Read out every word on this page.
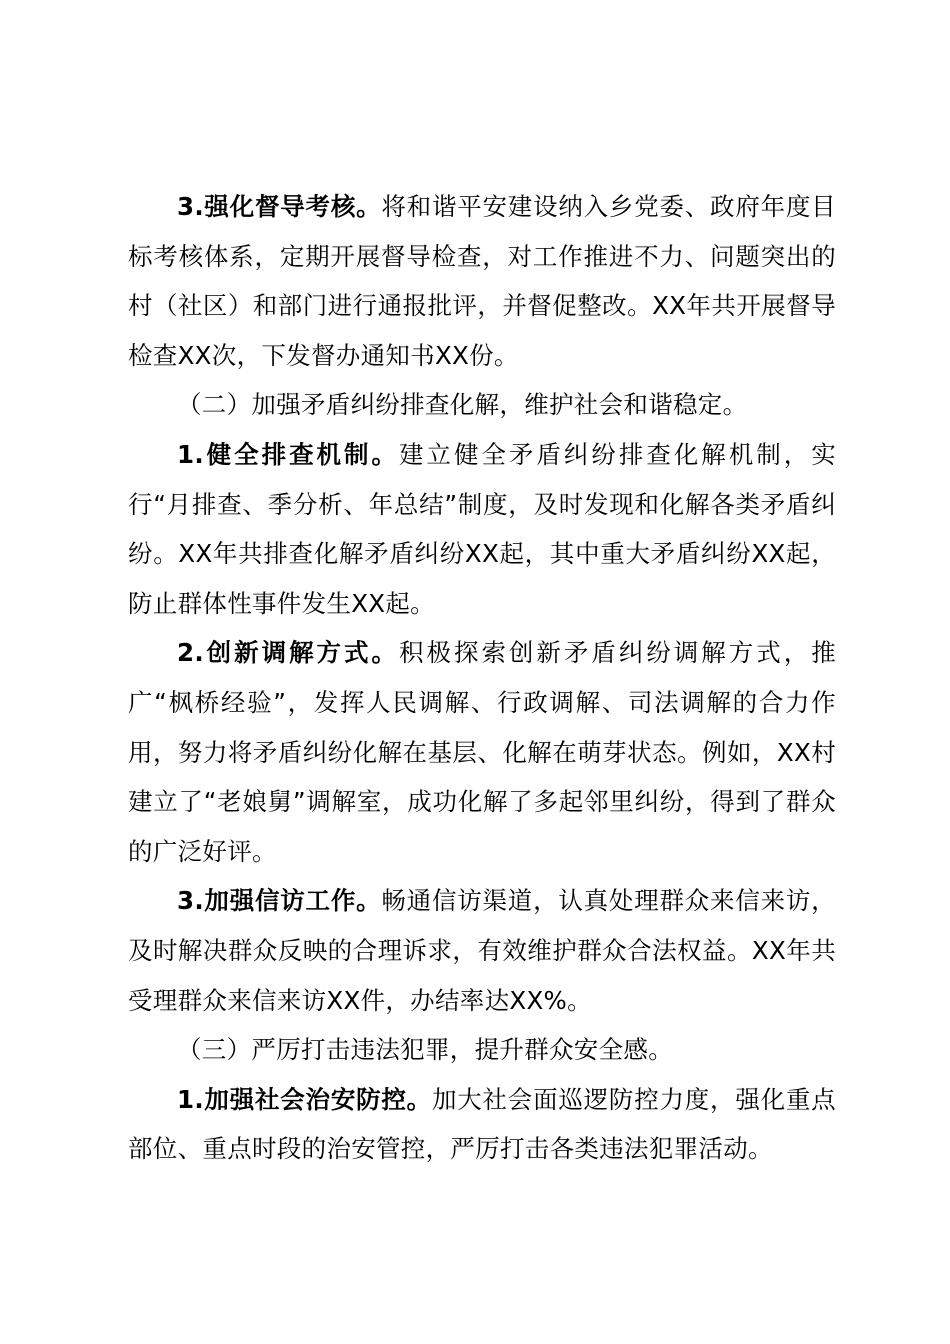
3.强化督导考核。将和谐平安建设纳入乡党委、政府年度目标考核体系，定期开展督导检查，对工作推进不力、问题突出的村（社区）和部门进行通报批评，并督促整改。XX年共开展督导检查XX次，下发督办通知书XX份。

（二）加强矛盾纠纷排查化解，维护社会和谐稳定。

1.健全排查机制。建立健全矛盾纠纷排查化解机制，实行“月排查、季分析、年总结”制度，及时发现和化解各类矛盾纠纷。XX年共排查化解矛盾纠纷XX起，其中重大矛盾纠纷XX起，防止群体性事件发生XX起。

2.创新调解方式。积极探索创新矛盾纠纷调解方式，推广“枫桥经验”，发挥人民调解、行政调解、司法调解的合力作用，努力将矛盾纠纷化解在基层、化解在萌芽状态。例如，XX村建立了“老娘舅”调解室，成功化解了多起邻里纠纷，得到了群众的广泛好评。

3.加强信访工作。畅通信访渠道，认真处理群众来信来访，及时解决群众反映的合理诉求，有效维护群众合法权益。XX年共受理群众来信来访XX件，办结率达XX%。

（三）严厉打击违法犯罪，提升群众安全感。

1.加强社会治安防控。加大社会面巡逻防控力度，强化重点部位、重点时段的治安管控，严厉打击各类违法犯罪活动。
